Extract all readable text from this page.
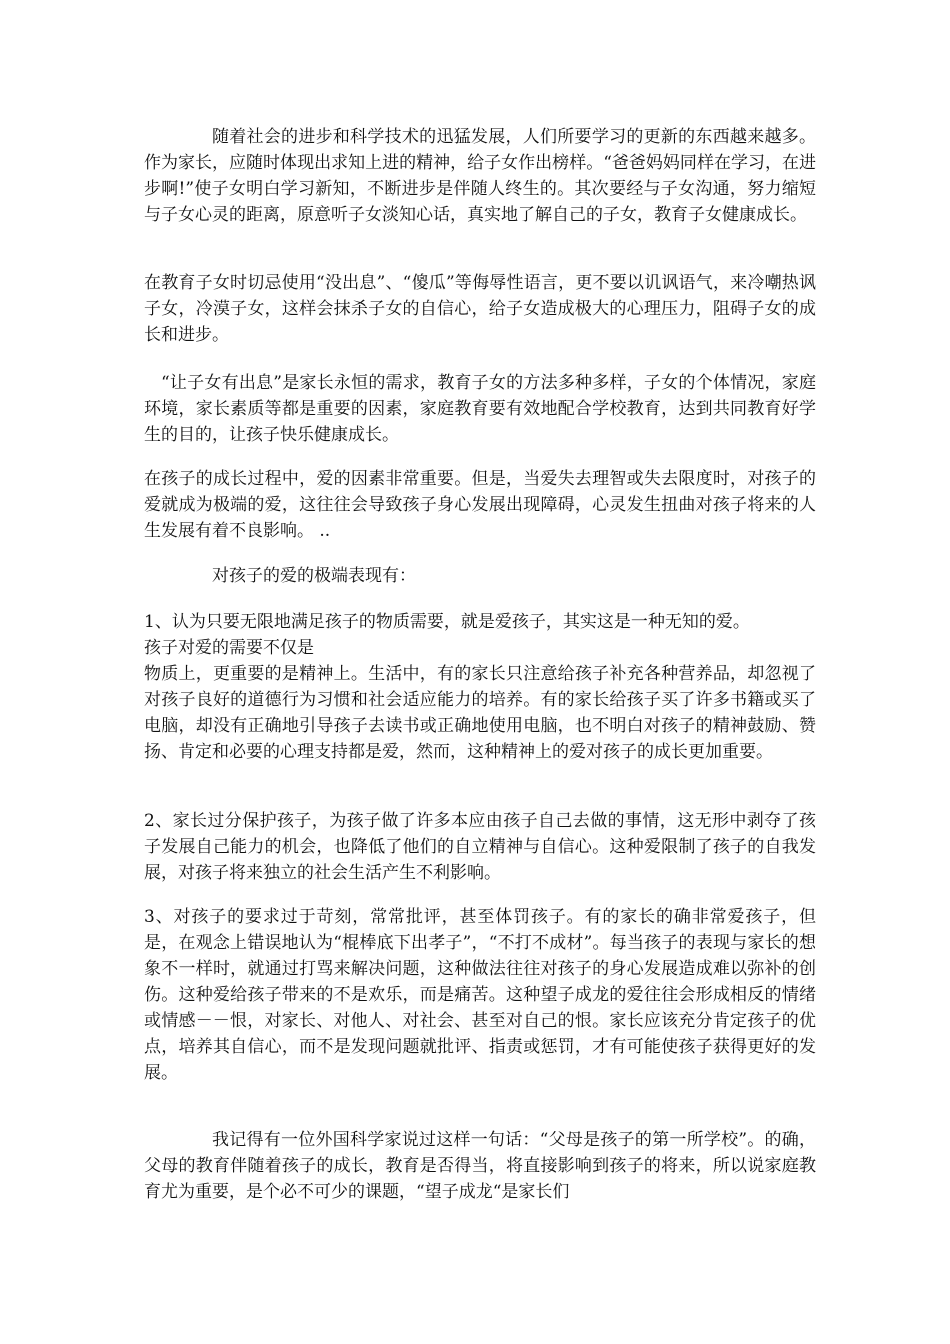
随着社会的进步和科学技术的迅猛发展，人们所要学习的更新的东西越来越多。作为家长，应随时体现出求知上进的精神，给子女作出榜样。“爸爸妈妈同样在学习，在进步啊!”使子女明白学习新知，不断进步是伴随人终生的。其次要经与子女沟通，努力缩短与子女心灵的距离，原意听子女淡知心话，真实地了解自己的子女，教育子女健康成长。

在教育子女时切忌使用“没出息”、“傻瓜”等侮辱性语言，更不要以讥讽语气，来冷嘲热讽子女，冷漠子女，这样会抹杀子女的自信心，给子女造成极大的心理压力，阻碍子女的成长和进步。

“让子女有出息”是家长永恒的需求，教育子女的方法多种多样，子女的个体情况，家庭环境，家长素质等都是重要的因素，家庭教育要有效地配合学校教育，达到共同教育好学生的目的，让孩子快乐健康成长。

在孩子的成长过程中，爱的因素非常重要。但是，当爱失去理智或失去限度时，对孩子的爱就成为极端的爱，这往往会导致孩子身心发展出现障碍，心灵发生扭曲对孩子将来的人生发展有着不良影响。 ..

对孩子的爱的极端表现有：

1、认为只要无限地满足孩子的物质需要，就是爱孩子，其实这是一种无知的爱。
孩子对爱的需要不仅是
物质上，更重要的是精神上。生活中，有的家长只注意给孩子补充各种营养品，却忽视了对孩子良好的道德行为习惯和社会适应能力的培养。有的家长给孩子买了许多书籍或买了电脑，却没有正确地引导孩子去读书或正确地使用电脑，也不明白对孩子的精神鼓励、赞扬、肯定和必要的心理支持都是爱，然而，这种精神上的爱对孩子的成长更加重要。

2、家长过分保护孩子，为孩子做了许多本应由孩子自己去做的事情，这无形中剥夺了孩子发展自己能力的机会，也降低了他们的自立精神与自信心。这种爱限制了孩子的自我发展，对孩子将来独立的社会生活产生不利影响。

3、对孩子的要求过于苛刻，常常批评，甚至体罚孩子。有的家长的确非常爱孩子，但是，在观念上错误地认为“棍棒底下出孝子”，“不打不成材”。每当孩子的表现与家长的想象不一样时，就通过打骂来解决问题，这种做法往往对孩子的身心发展造成难以弥补的创伤。这种爱给孩子带来的不是欢乐，而是痛苦。这种望子成龙的爱往往会形成相反的情绪或情感－－恨，对家长、对他人、对社会、甚至对自己的恨。家长应该充分肯定孩子的优点，培养其自信心，而不是发现问题就批评、指责或惩罚，才有可能使孩子获得更好的发展。

我记得有一位外国科学家说过这样一句话：“父母是孩子的第一所学校”。的确，父母的教育伴随着孩子的成长，教育是否得当，将直接影响到孩子的将来，所以说家庭教育尤为重要，是个必不可少的课题，“望子成龙“是家长们
